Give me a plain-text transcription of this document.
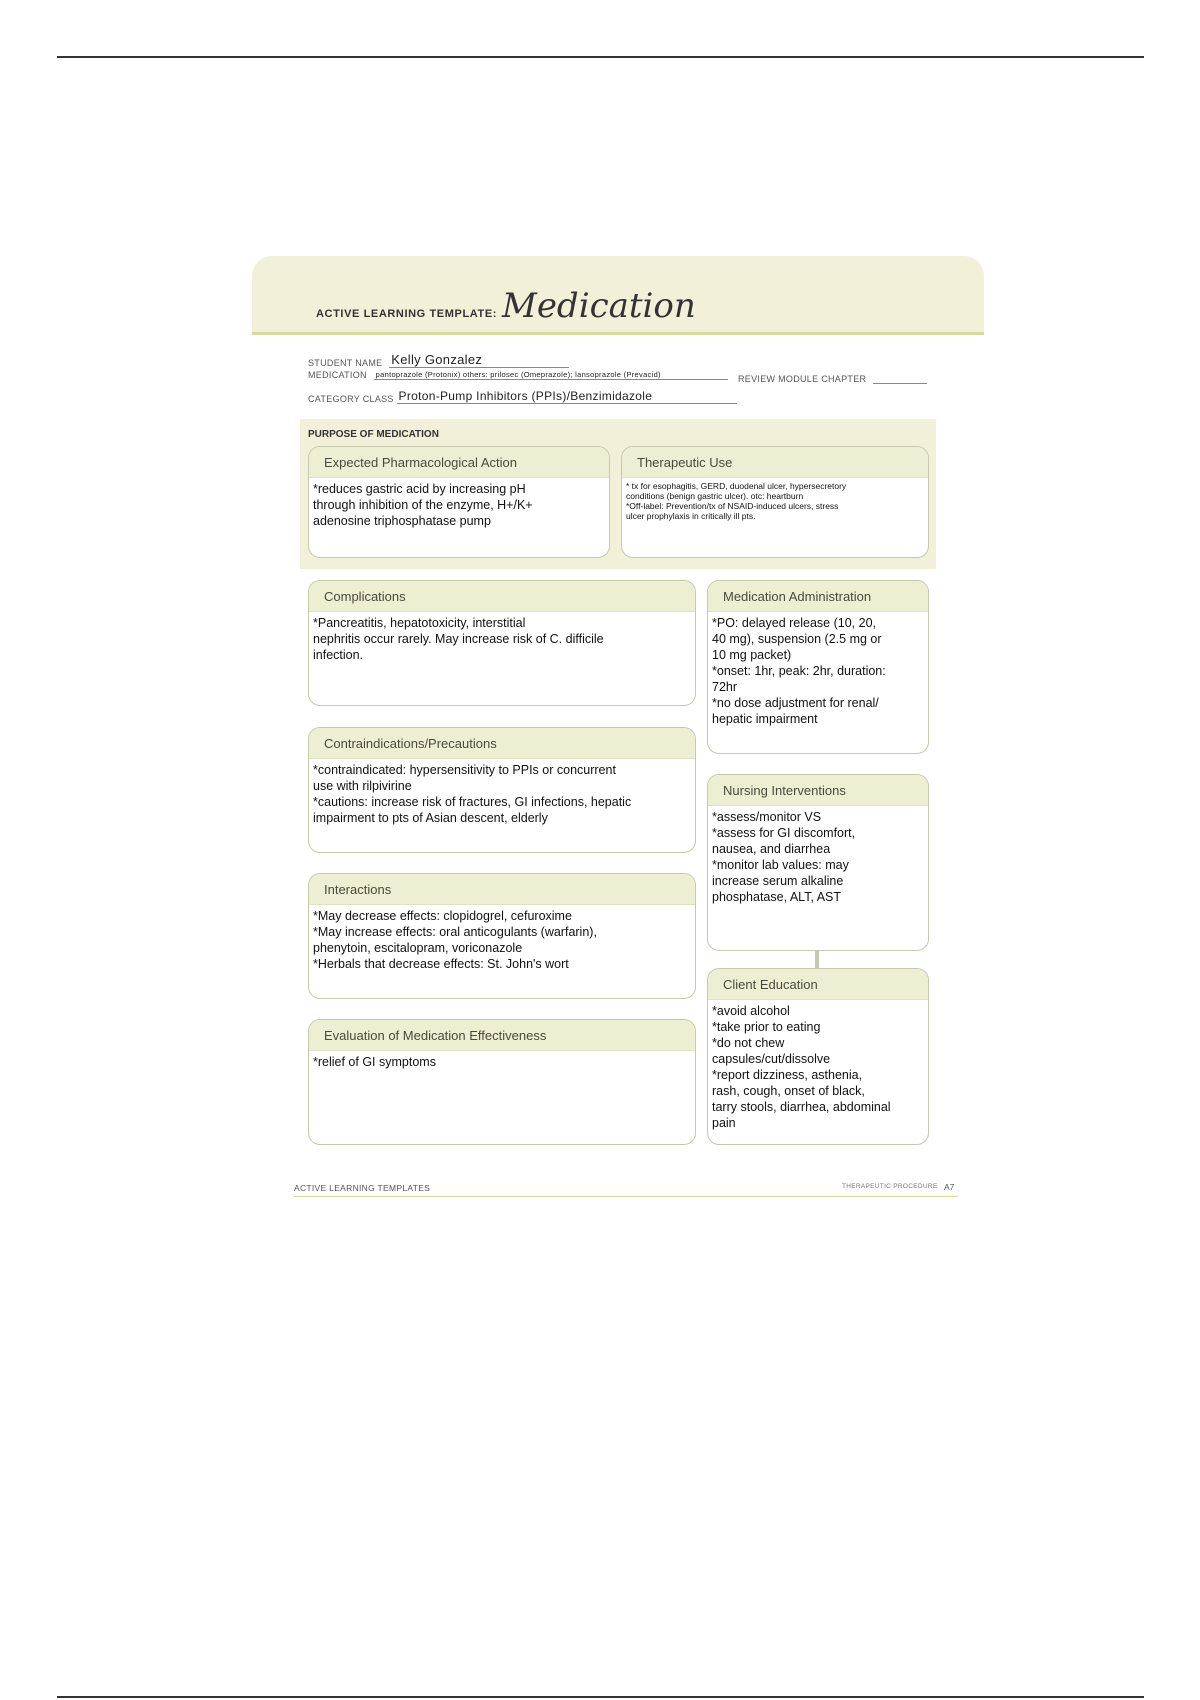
ACTIVE LEARNING TEMPLATE: Medication
STUDENT NAME Kelly Gonzalez
MEDICATION pantoprazole (Protonix) others: prilosec (Omeprazole); lansoprazole (Prevacid)	REVIEW MODULE CHAPTER
CATEGORY CLASS Proton-Pump Inhibitors (PPIs)/Benzimidazole
PURPOSE OF MEDICATION
Expected Pharmacological Action
*reduces gastric acid by increasing pH
through inhibition of the enzyme, H+/K+
adenosine triphosphatase pump
Therapeutic Use
* tx for esophagitis, GERD, duodenal ulcer, hypersecretory
conditions (benign gastric ulcer). otc: heartburn
*Off-label: Prevention/tx of NSAID-induced ulcers, stress
ulcer prophylaxis in critically ill pts.
Complications
*Pancreatitis, hepatotoxicity, interstitial
nephritis occur rarely. May increase risk of C. difficile
infection.
Medication Administration
*PO: delayed release (10, 20,
40 mg), suspension (2.5 mg or
10 mg packet)
*onset: 1hr, peak: 2hr, duration:
72hr
*no dose adjustment for renal/
hepatic impairment
Contraindications/Precautions
*contraindicated: hypersensitivity to PPIs or concurrent
use with rilpivirine
*cautions: increase risk of fractures, GI infections, hepatic
impairment to pts of Asian descent, elderly
Nursing Interventions
*assess/monitor VS
*assess for GI discomfort,
nausea, and diarrhea
*monitor lab values: may
increase serum alkaline
phosphatase, ALT, AST
Interactions
*May decrease effects: clopidogrel, cefuroxime
*May increase effects: oral anticogulants (warfarin),
phenytoin, escitalopram, voriconazole
*Herbals that decrease effects: St. John's wort
Client Education
*avoid alcohol
*take prior to eating
*do not chew
capsules/cut/dissolve
*report dizziness, asthenia,
rash, cough, onset of black,
tarry stools, diarrhea, abdominal
pain
Evaluation of Medication Effectiveness
*relief of GI symptoms
ACTIVE LEARNING TEMPLATES	THERAPEUTIC PROCEDURE A7
